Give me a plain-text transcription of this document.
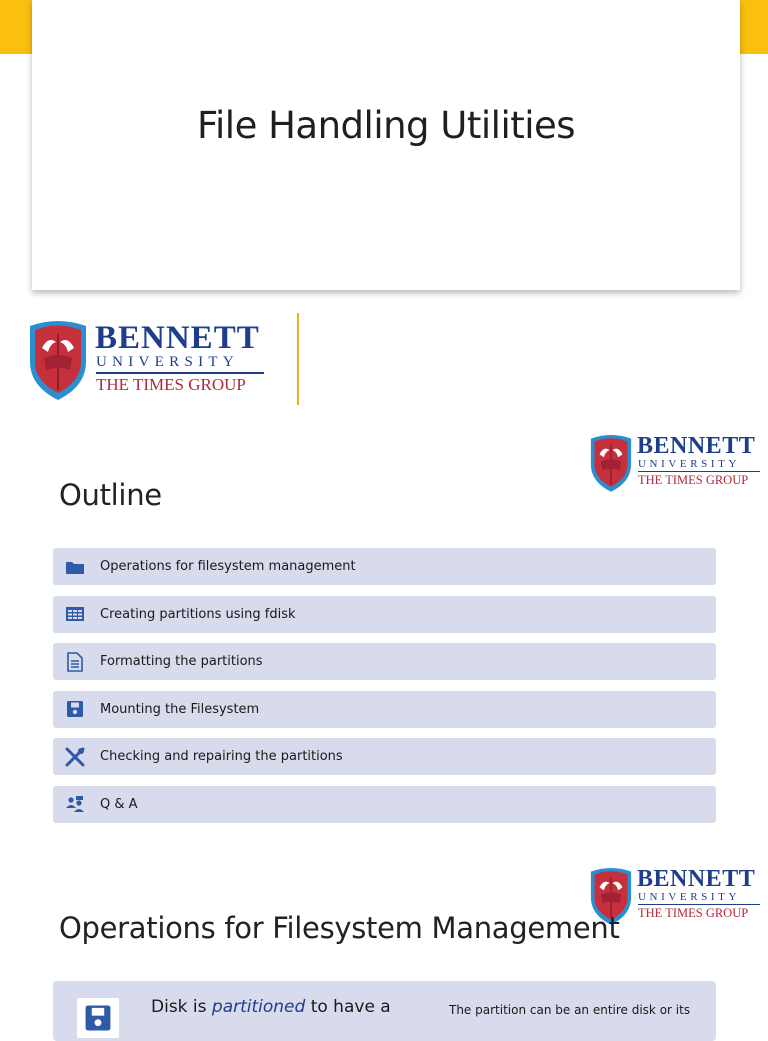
File Handling Utilities
BENNETT
UNIVERSITY
THE TIMES GROUP
BENNETT
UNIVERSITY
THE TIMES GROUP
Outline
Operations for filesystem management
Creating partitions using fdisk
Formatting the partitions
Mounting the Filesystem
Checking and repairing the partitions
Q & A
BENNETT
UNIVERSITY
THE TIMES GROUP
Operations for Filesystem Management
Disk is partitioned to have a	The partition can be an entire disk or its
